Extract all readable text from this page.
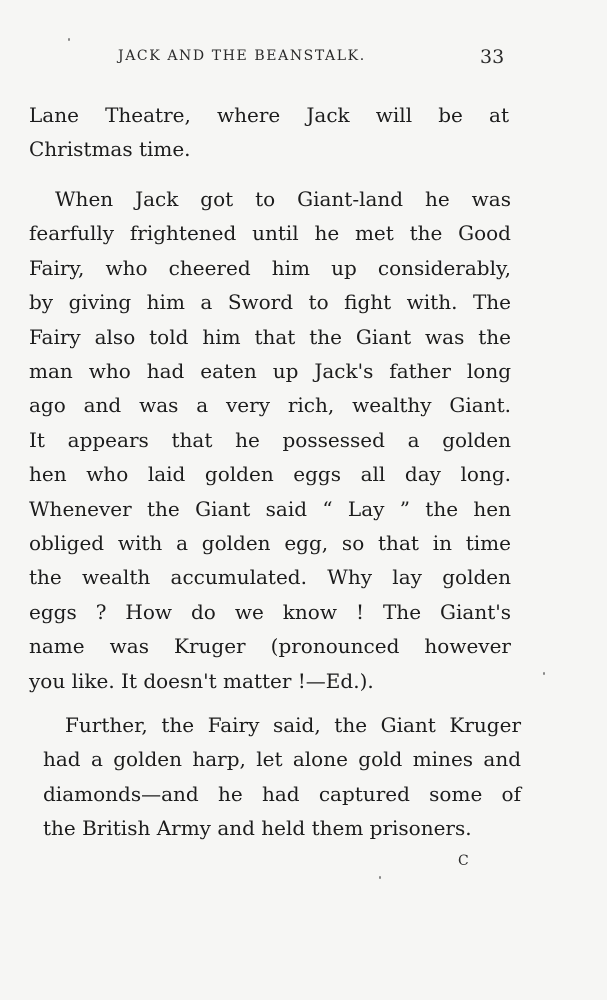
JACK AND THE BEANSTALK.	33

Lane Theatre, where Jack will be at
Christmas time.

When Jack got to Giant-land he was
fearfully frightened until he met the Good
Fairy, who cheered him up considerably,
by giving him a Sword to fight with. The
Fairy also told him that the Giant was the
man who had eaten up Jack's father long
ago and was a very rich, wealthy Giant.
It appears that he possessed a golden
hen who laid golden eggs all day long.
Whenever the Giant said “ Lay ” the hen
obliged with a golden egg, so that in time
the wealth accumulated. Why lay golden
eggs ? How do we know ! The Giant's
name was Kruger (pronounced however
you like. It doesn't matter !—Ed.).

Further, the Fairy said, the Giant Kruger
had a golden harp, let alone gold mines and
diamonds—and he had captured some of
the British Army and held them prisoners.

C
